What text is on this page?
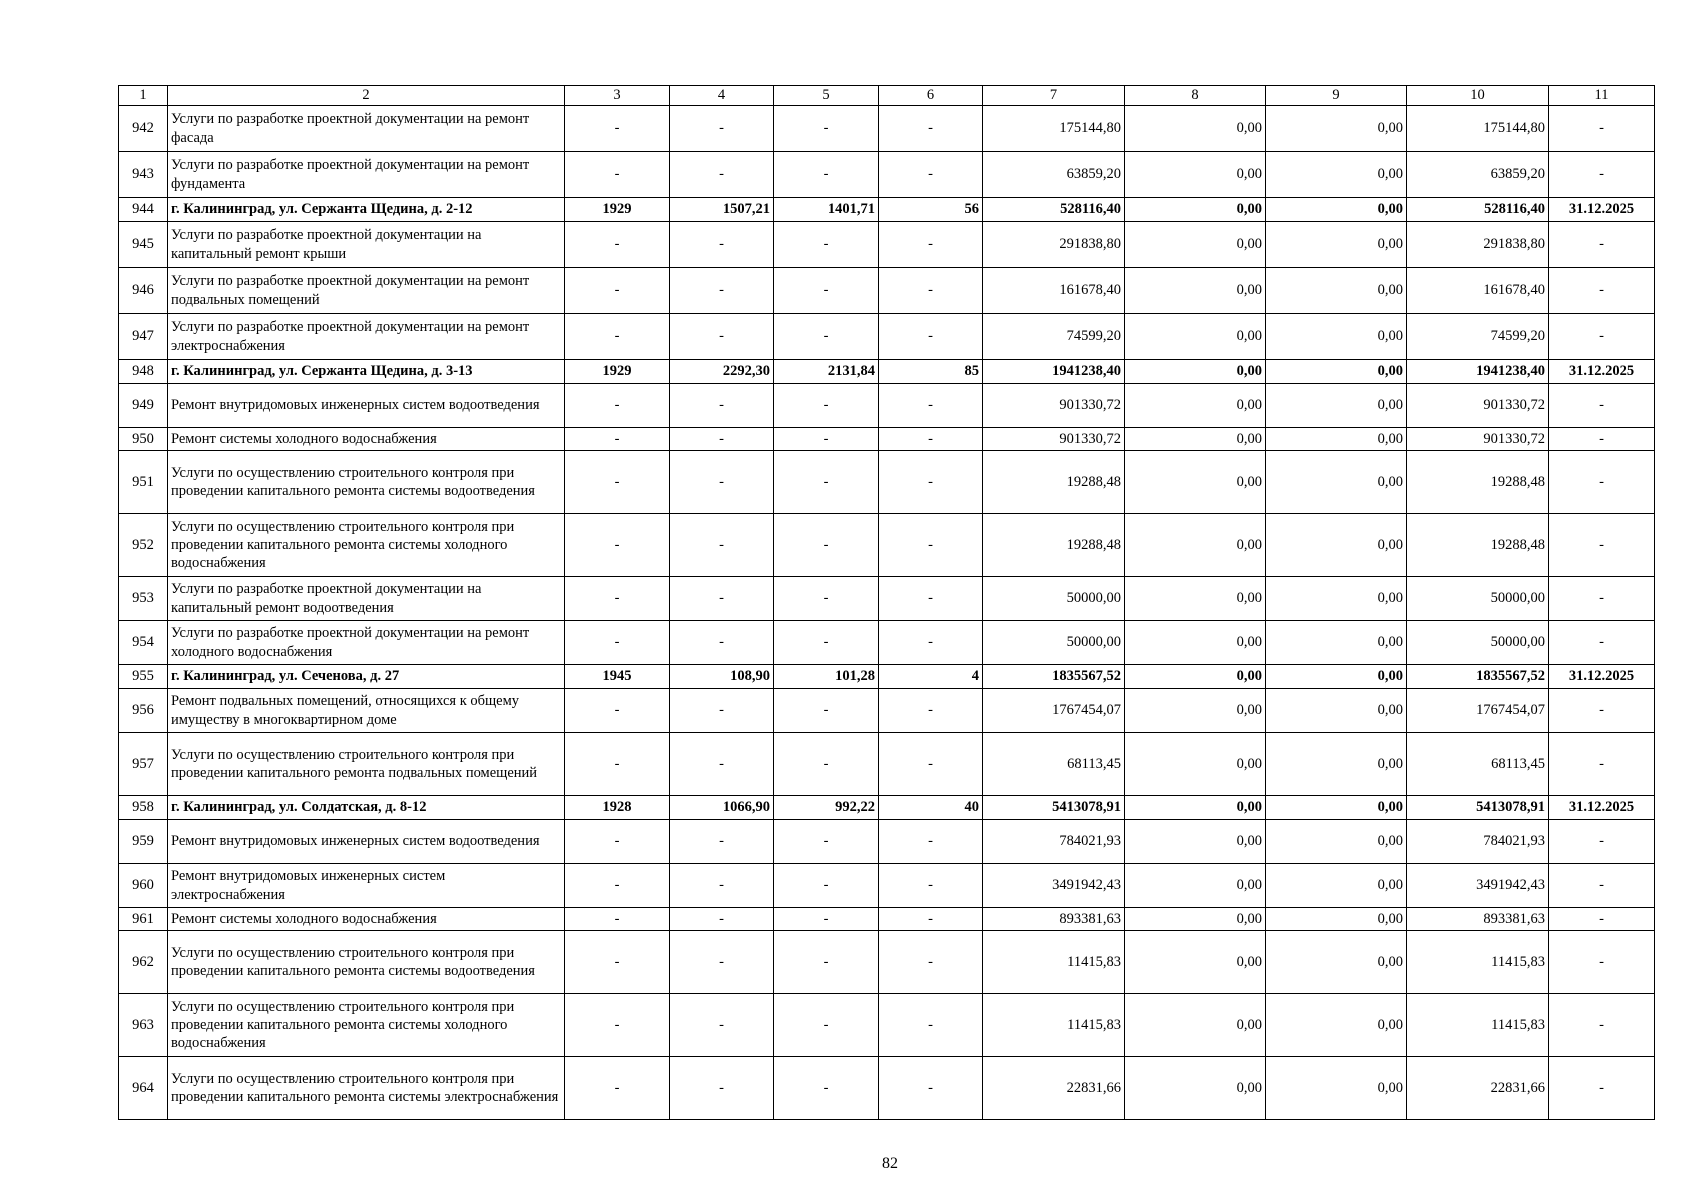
1	2	3	4	5	6	7	8	9	10	11
942	Услуги по разработке проектной документации на ремонт фасада	-	-	-	-	175144,80	0,00	0,00	175144,80	-
943	Услуги по разработке проектной документации на ремонт фундамента	-	-	-	-	63859,20	0,00	0,00	63859,20	-
944	г. Калининград, ул. Сержанта Щедина, д. 2-12	1929	1507,21	1401,71	56	528116,40	0,00	0,00	528116,40	31.12.2025
945	Услуги по разработке проектной документации на капитальный ремонт крыши	-	-	-	-	291838,80	0,00	0,00	291838,80	-
946	Услуги по разработке проектной документации на ремонт подвальных помещений	-	-	-	-	161678,40	0,00	0,00	161678,40	-
947	Услуги по разработке проектной документации на ремонт электроснабжения	-	-	-	-	74599,20	0,00	0,00	74599,20	-
948	г. Калининград, ул. Сержанта Щедина, д. 3-13	1929	2292,30	2131,84	85	1941238,40	0,00	0,00	1941238,40	31.12.2025
949	Ремонт внутридомовых инженерных систем водоотведения	-	-	-	-	901330,72	0,00	0,00	901330,72	-
950	Ремонт системы холодного водоснабжения	-	-	-	-	901330,72	0,00	0,00	901330,72	-
951	Услуги по осуществлению строительного контроля при проведении капитального ремонта системы водоотведения	-	-	-	-	19288,48	0,00	0,00	19288,48	-
952	Услуги по осуществлению строительного контроля при проведении капитального ремонта системы холодного водоснабжения	-	-	-	-	19288,48	0,00	0,00	19288,48	-
953	Услуги по разработке проектной документации на капитальный ремонт водоотведения	-	-	-	-	50000,00	0,00	0,00	50000,00	-
954	Услуги по разработке проектной документации на ремонт холодного водоснабжения	-	-	-	-	50000,00	0,00	0,00	50000,00	-
955	г. Калининград, ул. Сеченова, д. 27	1945	108,90	101,28	4	1835567,52	0,00	0,00	1835567,52	31.12.2025
956	Ремонт подвальных помещений, относящихся к общему имуществу в многоквартирном доме	-	-	-	-	1767454,07	0,00	0,00	1767454,07	-
957	Услуги по осуществлению строительного контроля при проведении капитального ремонта подвальных помещений	-	-	-	-	68113,45	0,00	0,00	68113,45	-
958	г. Калининград, ул. Солдатская, д. 8-12	1928	1066,90	992,22	40	5413078,91	0,00	0,00	5413078,91	31.12.2025
959	Ремонт внутридомовых инженерных систем водоотведения	-	-	-	-	784021,93	0,00	0,00	784021,93	-
960	Ремонт внутридомовых инженерных систем электроснабжения	-	-	-	-	3491942,43	0,00	0,00	3491942,43	-
961	Ремонт системы холодного водоснабжения	-	-	-	-	893381,63	0,00	0,00	893381,63	-
962	Услуги по осуществлению строительного контроля при проведении капитального ремонта системы водоотведения	-	-	-	-	11415,83	0,00	0,00	11415,83	-
963	Услуги по осуществлению строительного контроля при проведении капитального ремонта системы холодного водоснабжения	-	-	-	-	11415,83	0,00	0,00	11415,83	-
964	Услуги по осуществлению строительного контроля при проведении капитального ремонта системы электроснабжения	-	-	-	-	22831,66	0,00	0,00	22831,66	-
82
